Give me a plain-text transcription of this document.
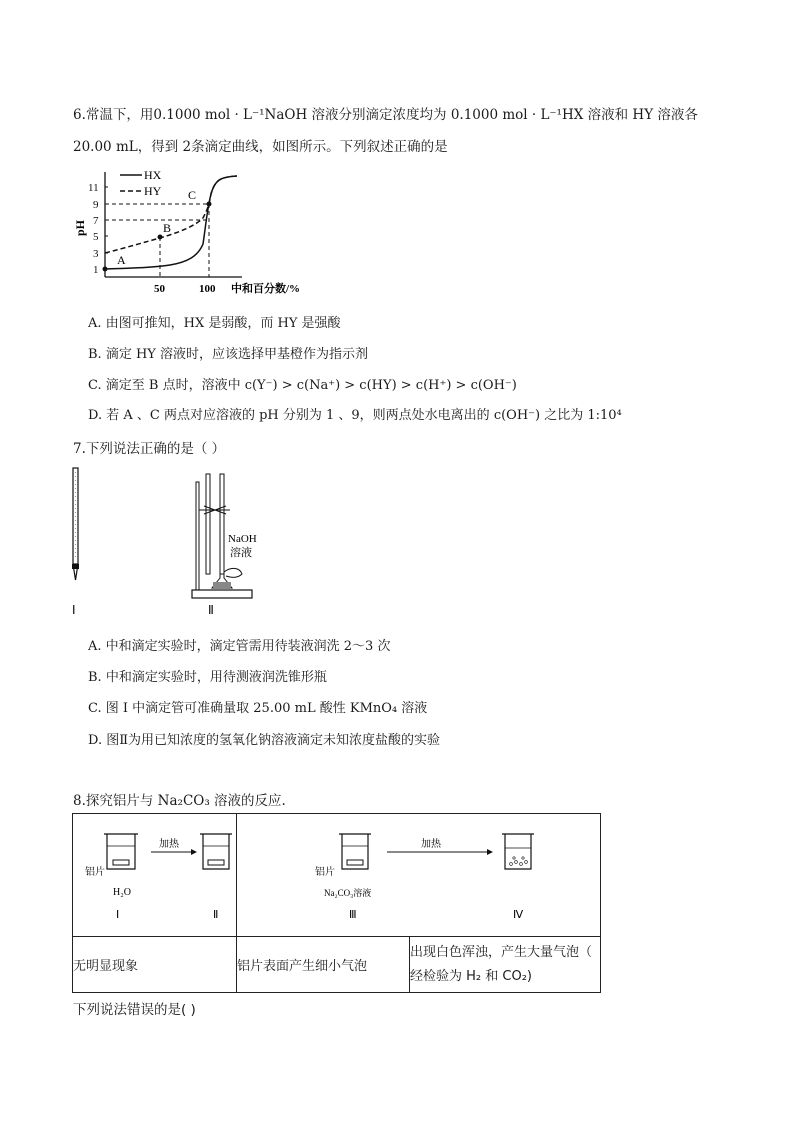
6.常温下，用0.1000 mol · L⁻¹NaOH 溶液分别滴定浓度均为 0.1000 mol · L⁻¹HX 溶液和 HY 溶液各
20.00 mL，得到 2条滴定曲线，如图所示。下列叙述正确的是
11
9
7
5
3
1
pH
50	100 中和百分数/%
A
B
C
HX
HY
A. 由图可推知，HX 是弱酸，而 HY 是强酸
B. 滴定 HY 溶液时，应该选择甲基橙作为指示剂
C. 滴定至 B 点时，溶液中 c(Y⁻) > c(Na⁺) > c(HY) > c(H⁺) > c(OH⁻)
D. 若 A 、C 两点对应溶液的 pH 分别为 1 、9，则两点处水电离出的 c(OH⁻) 之比为 1:10⁴
7.下列说法正确的是（ ）
Ⅰ
NaOH
溶液
Ⅱ
A. 中和滴定实验时，滴定管需用待装液润洗 2～3 次
B. 中和滴定实验时，用待测液润洗锥形瓶
C. 图 I 中滴定管可准确量取 25.00 mL 酸性 KMnO₄ 溶液
D. 图Ⅱ为用已知浓度的氢氧化钠溶液滴定未知浓度盐酸的实验
8.探究铝片与 Na₂CO₃ 溶液的反应.
铝片
H₂O
Ⅰ
加热
Ⅱ	铝片
Na₂CO₃溶液
Ⅲ
加热
Ⅳ	

无明显现象	铝片表面产生细小气泡	出现白色浑浊，产生大量气泡（
经检验为 H₂ 和 CO₂)
下列说法错误的是( )
